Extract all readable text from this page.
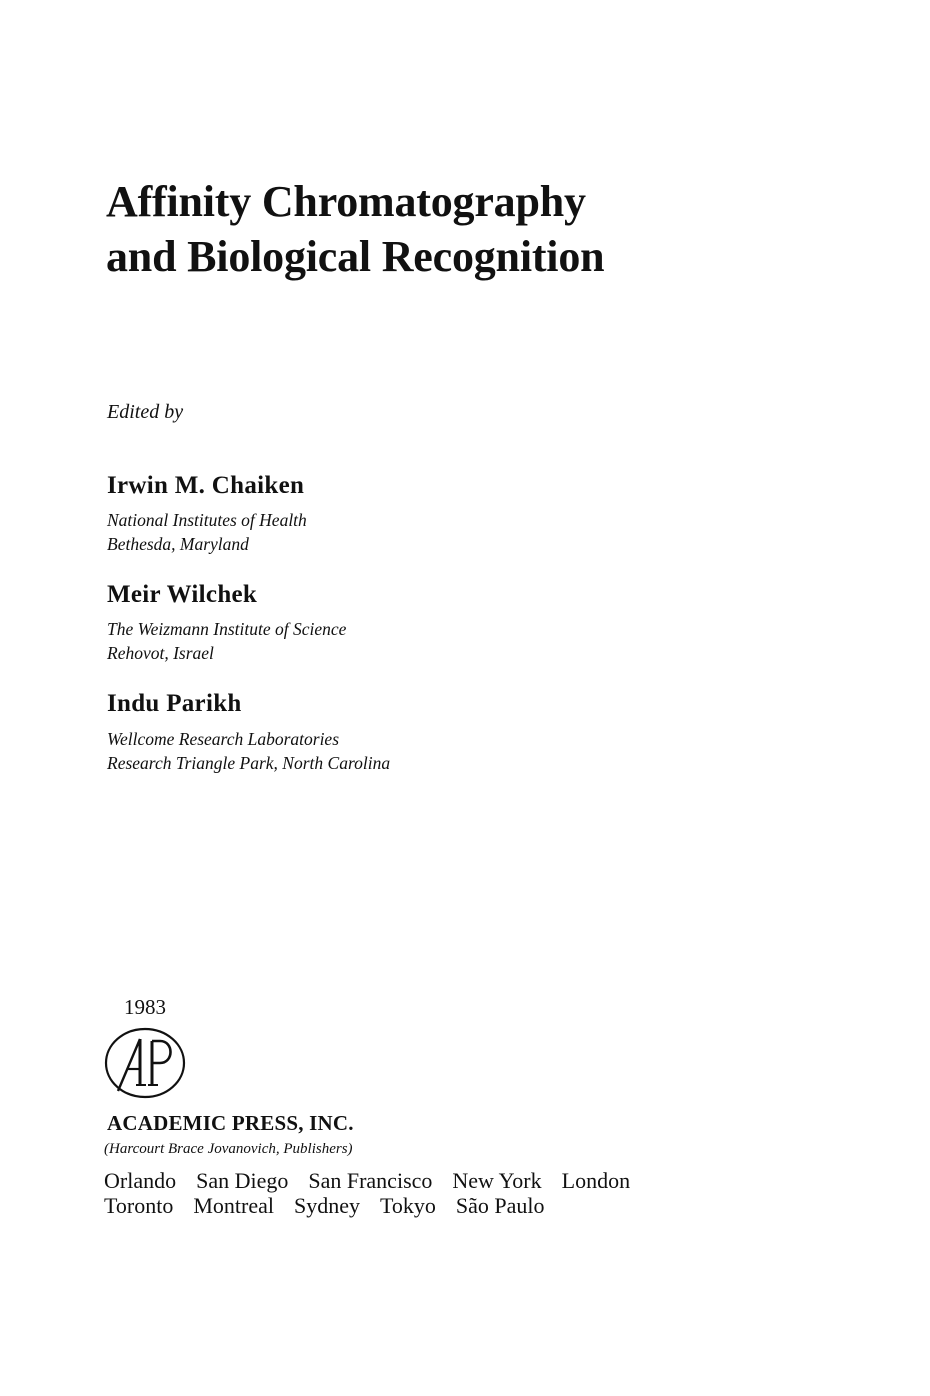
Affinity Chromatography
and Biological Recognition
Edited by
Irwin M. Chaiken
National Institutes of Health
Bethesda, Maryland
Meir Wilchek
The Weizmann Institute of Science
Rehovot, Israel
Indu Parikh
Wellcome Research Laboratories
Research Triangle Park, North Carolina
1983
ACADEMIC PRESS, INC.
(Harcourt Brace Jovanovich, Publishers)
Orlando San Diego San Francisco New York London
Toronto Montreal Sydney Tokyo São Paulo
